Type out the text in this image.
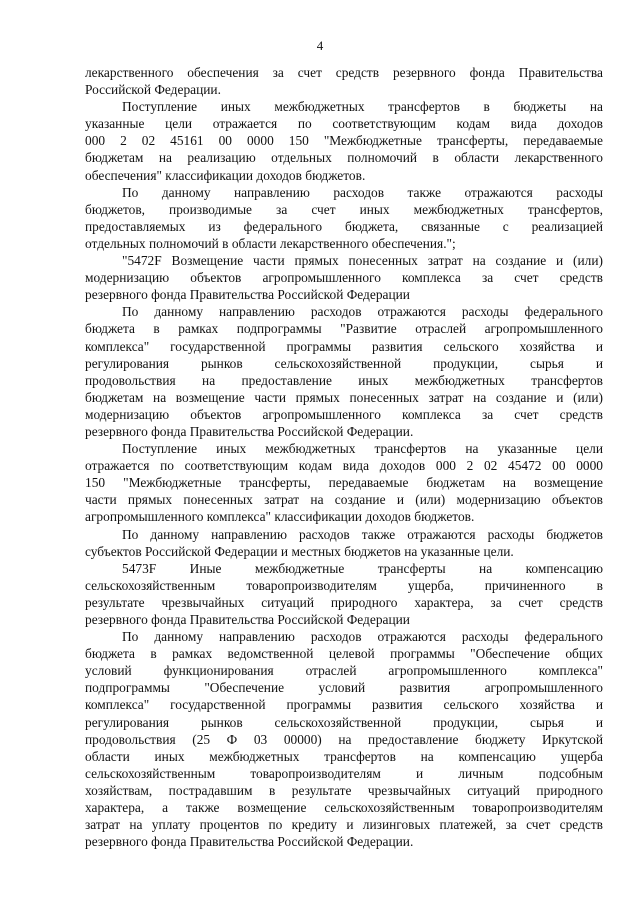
4
лекарственного обеспечения за счет средств резервного фонда Правительства
Российской Федерации.
Поступление иных межбюджетных трансфертов в бюджеты на
указанные цели отражается по соответствующим кодам вида доходов
000 2 02 45161 00 0000 150 "Межбюджетные трансферты, передаваемые
бюджетам на реализацию отдельных полномочий в области лекарственного
обеспечения" классификации доходов бюджетов.
По данному направлению расходов также отражаются расходы
бюджетов, производимые за счет иных межбюджетных трансфертов,
предоставляемых из федерального бюджета, связанные с реализацией
отдельных полномочий в области лекарственного обеспечения.";
"5472F Возмещение части прямых понесенных затрат на создание и (или)
модернизацию объектов агропромышленного комплекса за счет средств
резервного фонда Правительства Российской Федерации
По данному направлению расходов отражаются расходы федерального
бюджета в рамках подпрограммы "Развитие отраслей агропромышленного
комплекса" государственной программы развития сельского хозяйства и
регулирования рынков сельскохозяйственной продукции, сырья и
продовольствия на предоставление иных межбюджетных трансфертов
бюджетам на возмещение части прямых понесенных затрат на создание и (или)
модернизацию объектов агропромышленного комплекса за счет средств
резервного фонда Правительства Российской Федерации.
Поступление иных межбюджетных трансфертов на указанные цели
отражается по соответствующим кодам вида доходов 000 2 02 45472 00 0000
150 "Межбюджетные трансферты, передаваемые бюджетам на возмещение
части прямых понесенных затрат на создание и (или) модернизацию объектов
агропромышленного комплекса" классификации доходов бюджетов.
По данному направлению расходов также отражаются расходы бюджетов
субъектов Российской Федерации и местных бюджетов на указанные цели.
5473F Иные межбюджетные трансферты на компенсацию
сельскохозяйственным товаропроизводителям ущерба, причиненного в
результате чрезвычайных ситуаций природного характера, за счет средств
резервного фонда Правительства Российской Федерации
По данному направлению расходов отражаются расходы федерального
бюджета в рамках ведомственной целевой программы "Обеспечение общих
условий функционирования отраслей агропромышленного комплекса"
подпрограммы "Обеспечение условий развития агропромышленного
комплекса" государственной программы развития сельского хозяйства и
регулирования рынков сельскохозяйственной продукции, сырья и
продовольствия (25 Ф 03 00000) на предоставление бюджету Иркутской
области иных межбюджетных трансфертов на компенсацию ущерба
сельскохозяйственным товаропроизводителям и личным подсобным
хозяйствам, пострадавшим в результате чрезвычайных ситуаций природного
характера, а также возмещение сельскохозяйственным товаропроизводителям
затрат на уплату процентов по кредиту и лизинговых платежей, за счет средств
резервного фонда Правительства Российской Федерации.
